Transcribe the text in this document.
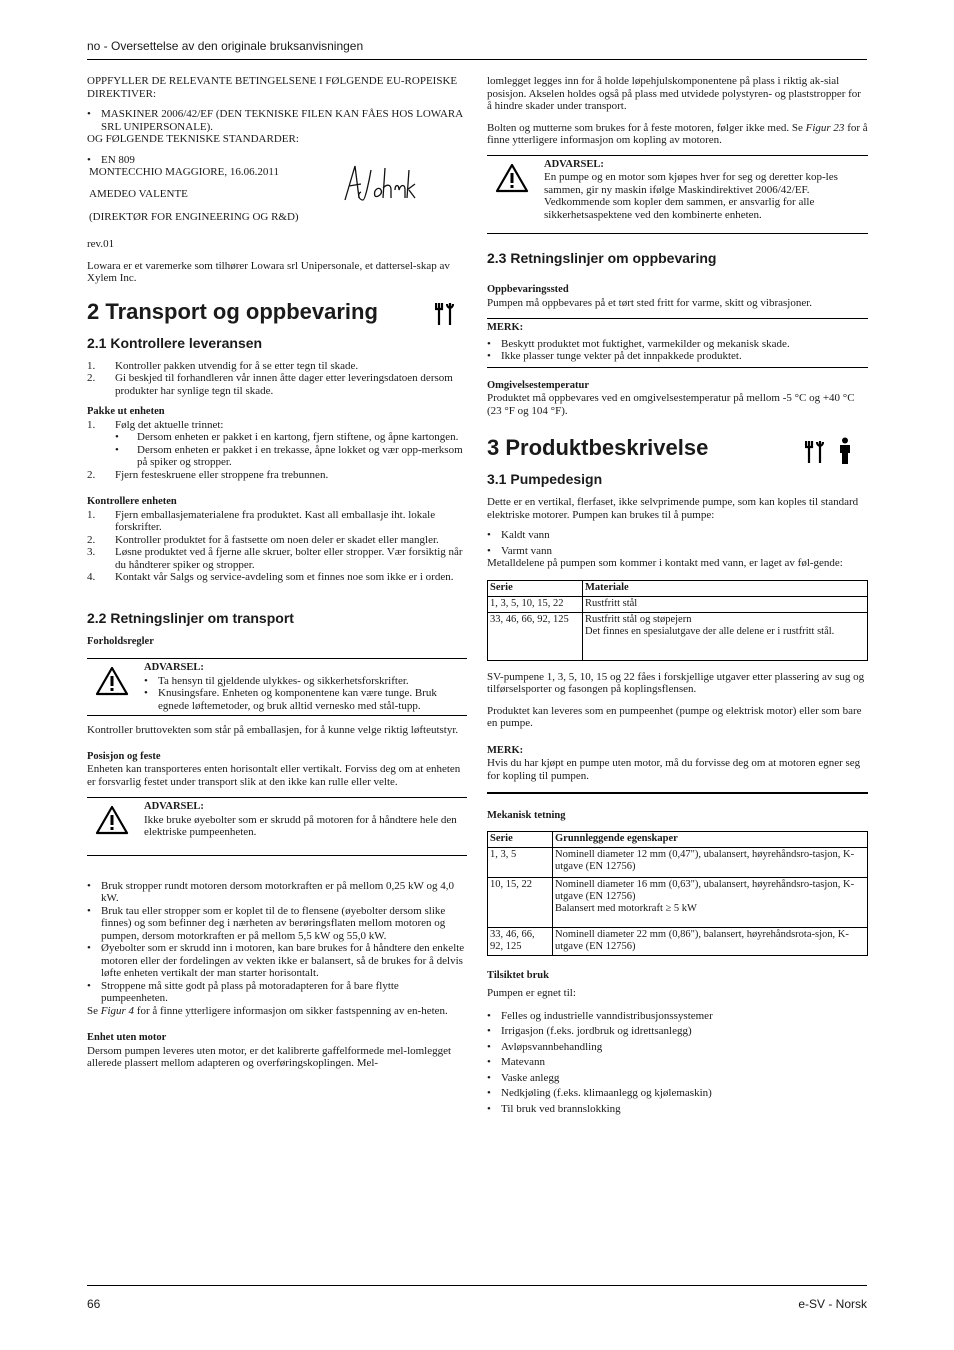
no - Oversettelse av den originale bruksanvisningen

OPPFYLLER DE RELEVANTE BETINGELSENE I FØLGENDE EU-ROPEISKE DIREKTIVER:

• MASKINER 2006/42/EF (DEN TEKNISKE FILEN KAN FÅES HOS LOWARA SRL UNIPERSONALE).
OG FØLGENDE TEKNISKE STANDARDER:
• EN 809
MONTECCHIO MAGGIORE, 16.06.2011
AMEDEO VALENTE
(DIREKTØR FOR ENGINEERING OG R&D)
rev.01

Lowara er et varemerke som tilhører Lowara srl Unipersonale, et dattersel-skap av Xylem Inc.

2 Transport og oppbevaring
2.1 Kontrollere leveransen
1. Kontroller pakken utvendig for å se etter tegn til skade.
2. Gi beskjed til forhandleren vår innen åtte dager etter leveringsdatoen dersom produkter har synlige tegn til skade.
Pakke ut enheten
1. Følg det aktuelle trinnet:
• Dersom enheten er pakket i en kartong, fjern stiftene, og åpne kartongen.
• Dersom enheten er pakket i en trekasse, åpne lokket og vær opp-merksom på spiker og stropper.
2. Fjern festeskruene eller stroppene fra trebunnen.
Kontrollere enheten
1. Fjern emballasjematerialene fra produktet. Kast all emballasje iht. lokale forskrifter.
2. Kontroller produktet for å fastsette om noen deler er skadet eller mangler.
3. Løsne produktet ved å fjerne alle skruer, bolter eller stropper. Vær forsiktig når du håndterer spiker og stropper.
4. Kontakt vår Salgs og service-avdeling som et finnes noe som ikke er i orden.
2.2 Retningslinjer om transport
Forholdsregler
ADVARSEL:
• Ta hensyn til gjeldende ulykkes- og sikkerhetsforskrifter.
• Knusingsfare. Enheten og komponentene kan være tunge. Bruk egnede løftemetoder, og bruk alltid vernesko med stål-tupp.

Kontroller bruttovekten som står på emballasjen, for å kunne velge riktig løfteutstyr.

Posisjon og feste

Enheten kan transporteres enten horisontalt eller vertikalt. Forviss deg om at enheten er forsvarlig festet under transport slik at den ikke kan rulle eller velte.

ADVARSEL:
Ikke bruke øyebolter som er skrudd på motoren for å håndtere hele den elektriske pumpeenheten.
• Bruk stropper rundt motoren dersom motorkraften er på mellom 0,25 kW og 4,0 kW.
• Bruk tau eller stropper som er koplet til de to flensene (øyebolter dersom slike finnes) og som befinner deg i nærheten av berøringsflaten mellom motoren og pumpen, dersom motorkraften er på mellom 5,5 kW og 55,0 kW.
• Øyebolter som er skrudd inn i motoren, kan bare brukes for å håndtere den enkelte motoren eller der fordelingen av vekten ikke er balansert, så de brukes for å delvis løfte enheten vertikalt der man starter horisontalt.
• Stroppene må sitte godt på plass på motoradapteren for å bare flytte pumpeenheten.

Se Figur 4 for å finne ytterligere informasjon om sikker fastspenning av en-heten.

Enhet uten motor

Dersom pumpen leveres uten motor, er det kalibrerte gaffelformede mel-lomlegget allerede plassert mellom adapteren og overføringskoplingen. Mel-

lomlegget legges inn for å holde løpehjulskomponentene på plass i riktig ak-sial posisjon. Akselen holdes også på plass med utvidede polystyren- og plaststropper for å hindre skader under transport.

Bolten og mutterne som brukes for å feste motoren, følger ikke med. Se Figur 23 for å finne ytterligere informasjon om kopling av motoren.

ADVARSEL:
En pumpe og en motor som kjøpes hver for seg og deretter kop-les sammen, gir ny maskin ifølge Maskindirektivet 2006/42/EF. Vedkommende som kopler dem sammen, er ansvarlig for alle sikkerhetsaspektene ved den kombinerte enheten.
2.3 Retningslinjer om oppbevaring
Oppbevaringssted

Pumpen må oppbevares på et tørt sted fritt for varme, skitt og vibrasjoner.

MERK:
• Beskytt produktet mot fuktighet, varmekilder og mekanisk skade.
• Ikke plasser tunge vekter på det innpakkede produktet.
Omgivelsestemperatur

Produktet må oppbevares ved en omgivelsestemperatur på mellom -5 °C og +40 °C (23 °F og 104 °F).

3 Produktbeskrivelse
3.1 Pumpedesign

Dette er en vertikal, flerfaset, ikke selvprimende pumpe, som kan koples til standard elektriske motorer. Pumpen kan brukes til å pumpe:

• Kaldt vann
• Varmt vann

Metalldelene på pumpen som kommer i kontakt med vann, er laget av føl-gende:

Serie	Materiale
1, 3, 5, 10, 15, 22	Rustfritt stål
33, 46, 66, 92, 125	Rustfritt stål og støpejern
Det finnes en spesialutgave der alle delene er i rustfritt stål.

SV-pumpene 1, 3, 5, 10, 15 og 22 fåes i forskjellige utgaver etter plassering av sug og tilførselsporter og fasongen på koplingsflensen.

Produktet kan leveres som en pumpeenhet (pumpe og elektrisk motor) eller som bare en pumpe.

MERK:
Hvis du har kjøpt en pumpe uten motor, må du forvisse deg om at motoren egner seg for kopling til pumpen.
Mekanisk tetning
Serie	Grunnleggende egenskaper
1, 3, 5	Nominell diameter 12 mm (0,47"), ubalansert, høyrehåndsro-tasjon, K-utgave (EN 12756)
10, 15, 22	Nominell diameter 16 mm (0,63"), ubalansert, høyrehåndsro-tasjon, K-utgave (EN 12756)
Balansert med motorkraft ≥ 5 kW
33, 46, 66, 92, 125	Nominell diameter 22 mm (0,86"), balansert, høyrehåndsrota-sjon, K-utgave (EN 12756)
Tilsiktet bruk

Pumpen er egnet til:

• Felles og industrielle vanndistribusjonssystemer
• Irrigasjon (f.eks. jordbruk og idrettsanlegg)
• Avløpsvannbehandling
• Matevann
• Vaske anlegg
• Nedkjøling (f.eks. klimaanlegg og kjølemaskin)
• Til bruk ved brannslokking
66	e-SV - Norsk
